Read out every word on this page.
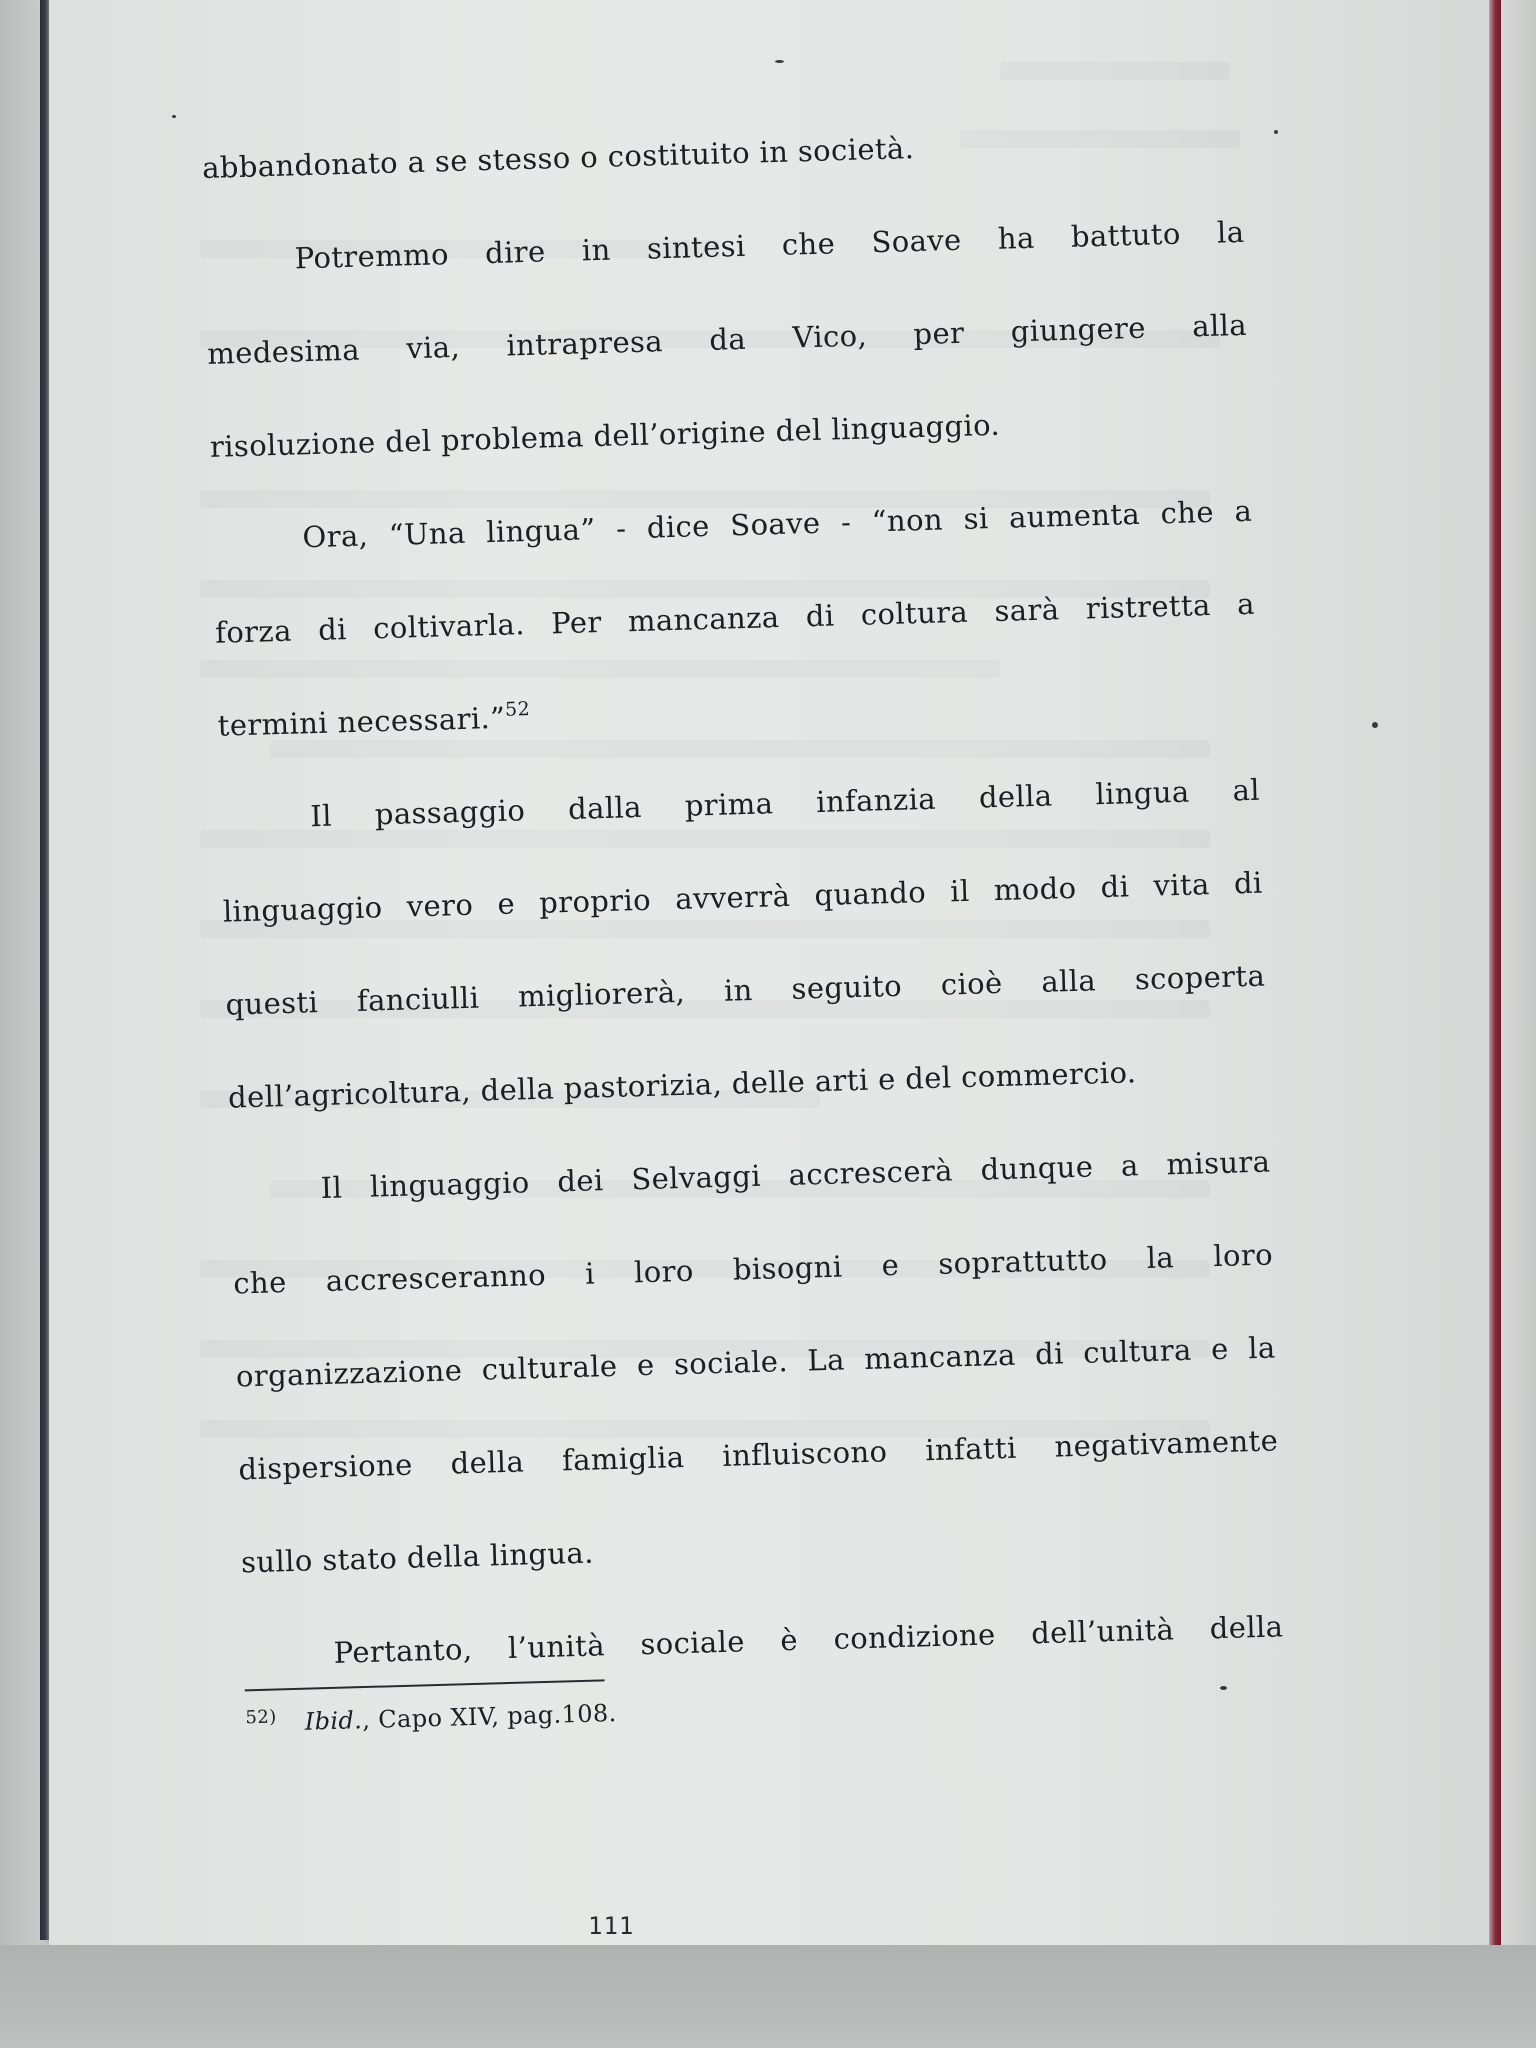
abbandonato a se stesso o costituito in società.
Potremmo dire in sintesi che Soave ha battuto la
medesima via, intrapresa da Vico, per giungere alla
risoluzione del problema dell’origine del linguaggio.
Ora, “Una lingua” - dice Soave - “non si aumenta che a
forza di coltivarla. Per mancanza di coltura sarà ristretta a
termini necessari.”$^{52}$
Il passaggio dalla prima infanzia della lingua al
linguaggio vero e proprio avverrà quando il modo di vita di
questi fanciulli migliorerà, in seguito cioè alla scoperta
dell’agricoltura, della pastorizia, delle arti e del commercio.
Il linguaggio dei Selvaggi accrescerà dunque a misura
che accresceranno i loro bisogni e soprattutto la loro
organizzazione culturale e sociale. La mancanza di cultura e la
dispersione della famiglia influiscono infatti negativamente
sullo stato della lingua.
Pertanto, l’unità sociale è condizione dell’unità della
$^{52)}$ Ibid., Capo XIV, pag.108.
111
